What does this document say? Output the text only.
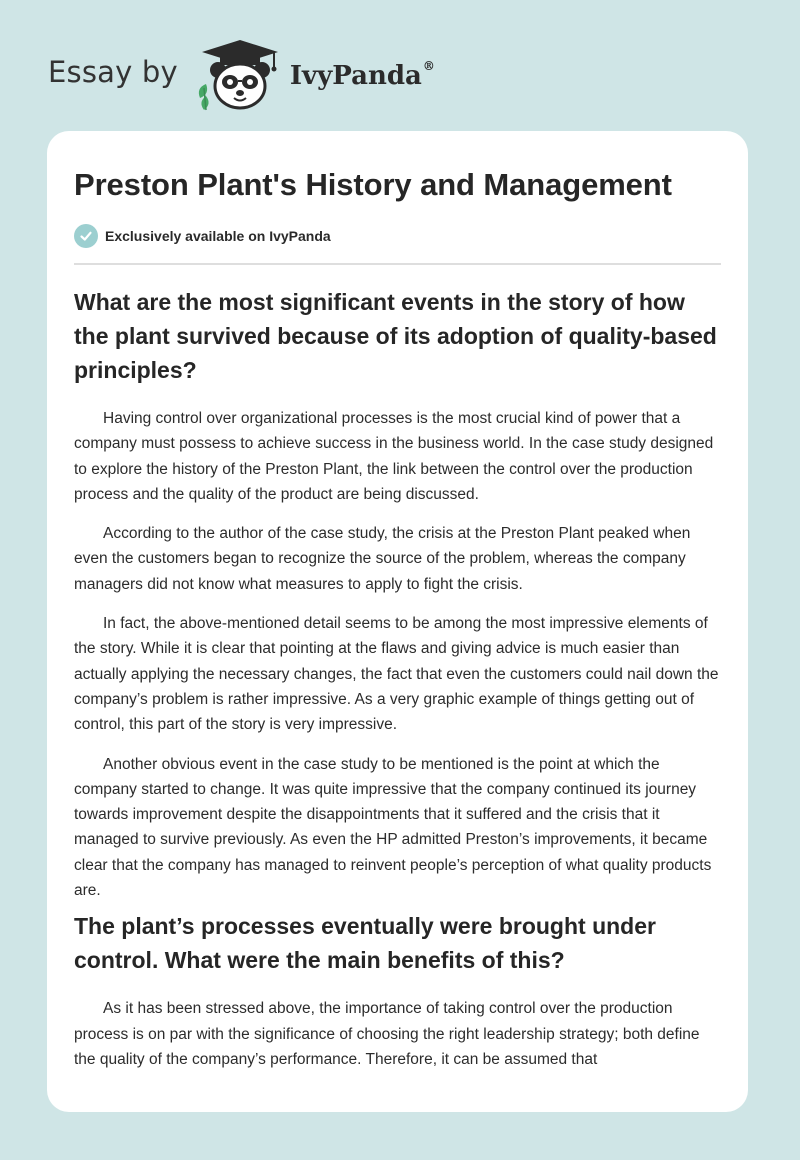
Essay by	IvyPanda®
Preston Plant's History and Management
Exclusively available on IvyPanda
What are the most significant events in the story of how the plant survived because of its adoption of quality-based principles?

Having control over organizational processes is the most crucial kind of power that a company must possess to achieve success in the business world. In the case study designed to explore the history of the Preston Plant, the link between the control over the production process and the quality of the product are being discussed.

According to the author of the case study, the crisis at the Preston Plant peaked when even the customers began to recognize the source of the problem, whereas the company managers did not know what measures to apply to fight the crisis.

In fact, the above-mentioned detail seems to be among the most impressive elements of the story. While it is clear that pointing at the flaws and giving advice is much easier than actually applying the necessary changes, the fact that even the customers could nail down the company’s problem is rather impressive. As a very graphic example of things getting out of control, this part of the story is very impressive.

Another obvious event in the case study to be mentioned is the point at which the company started to change. It was quite impressive that the company continued its journey towards improvement despite the disappointments that it suffered and the crisis that it managed to survive previously. As even the HP admitted Preston’s improvements, it became clear that the company has managed to reinvent people’s perception of what quality products are.

The plant’s processes eventually were brought under control. What were the main benefits of this?

As it has been stressed above, the importance of taking control over the production process is on par with the significance of choosing the right leadership strategy; both define the quality of the company’s performance. Therefore, it can be assumed that
